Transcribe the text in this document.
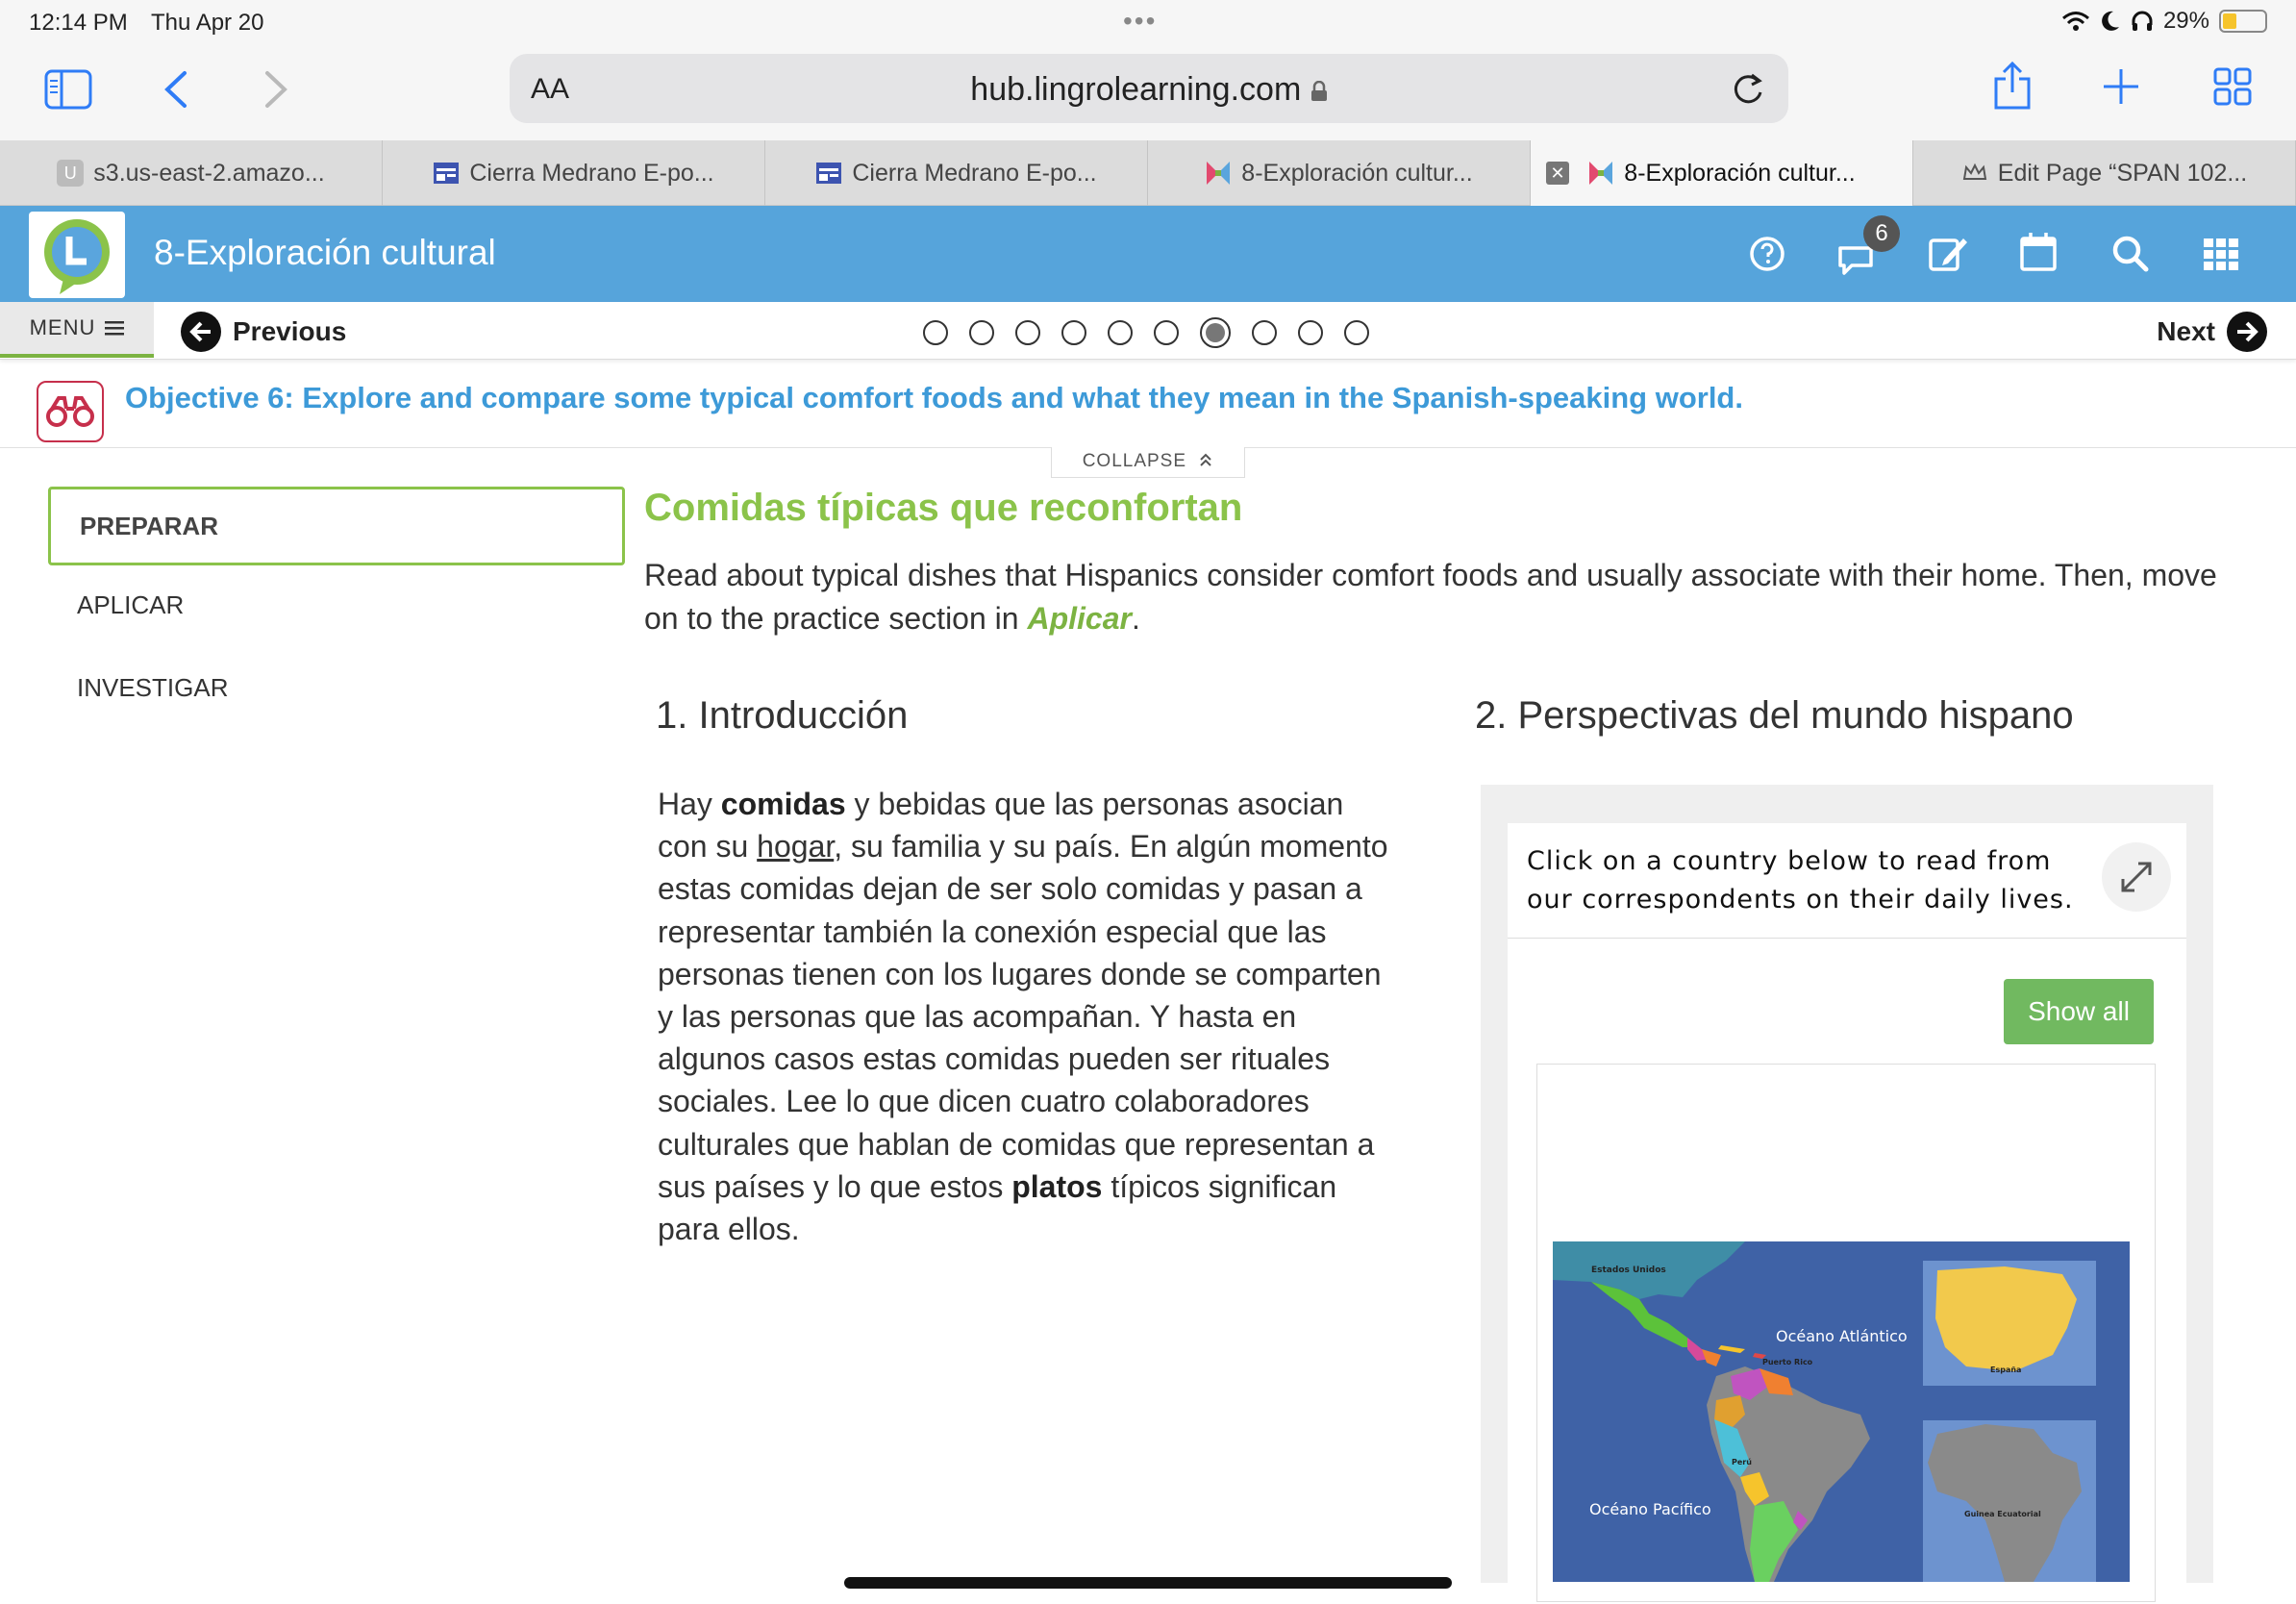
12:14 PM Thu Apr 20	•••	29%
AA	hub.lingrolearning.com
U s3.us-east-2.amazo...	Cierra Medrano E-po...	Cierra Medrano E-po...	8-Exploración cultur...	✕ 8-Exploración cultur...	Edit Page “SPAN 102...
8-Exploración cultural	6
MENU	Previous	Next
Objective 6: Explore and compare some typical comfort foods and what they mean in the Spanish-speaking world.
COLLAPSE
PREPARAR
APLICAR
INVESTIGAR
Comidas típicas que reconfortan
Read about typical dishes that Hispanics consider comfort foods and usually associate with their home. Then, move on to the practice section in Aplicar.
1. Introducción
Hay comidas y bebidas que las personas asocian con su hogar, su familia y su país. En algún momento estas comidas dejan de ser solo comidas y pasan a representar también la conexión especial que las personas tienen con los lugares donde se comparten y las personas que las acompañan. Y hasta en algunos casos estas comidas pueden ser rituales sociales. Lee lo que dicen cuatro colaboradores culturales que hablan de comidas que representan a sus países y lo que estos platos típicos significan para ellos.
2. Perspectivas del mundo hispano
Click on a country below to read from our correspondents on their daily lives.
Show all
Estados Unidos
Océano Atlántico
Puerto Rico
España
Perú
Océano Pacífico	Guinea Ecuatorial
